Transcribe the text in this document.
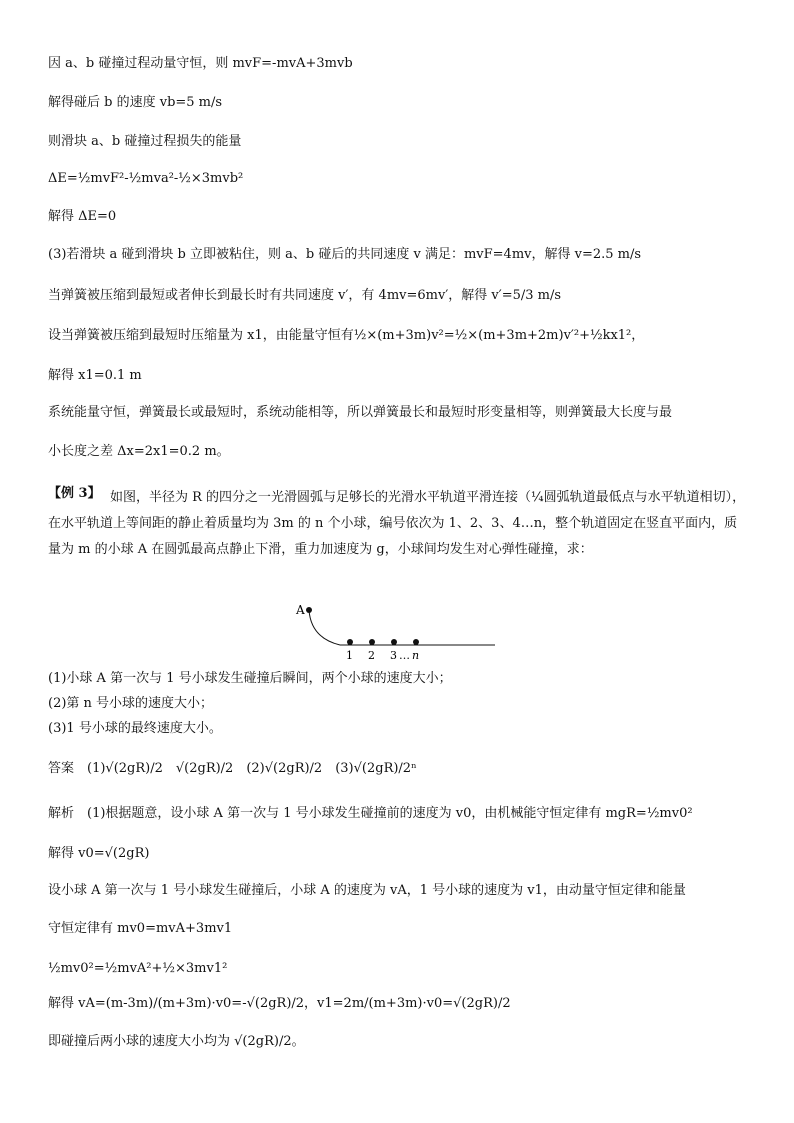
因 a、b 碰撞过程动量守恒，则 mvF=-mvA+3mvb
解得碰后 b 的速度 vb=5 m/s
则滑块 a、b 碰撞过程损失的能量
ΔE=½mvF²-½mva²-½×3mvb²
解得 ΔE=0
(3)若滑块 a 碰到滑块 b 立即被粘住，则 a、b 碰后的共同速度 v 满足：mvF=4mv，解得 v=2.5 m/s
当弹簧被压缩到最短或者伸长到最长时有共同速度 v′，有 4mv=6mv′，解得 v′=5/3 m/s
设当弹簧被压缩到最短时压缩量为 x1，由能量守恒有½×(m+3m)v²=½×(m+3m+2m)v′²+½kx1²，
解得 x1=0.1 m
系统能量守恒，弹簧最长或最短时，系统动能相等，所以弹簧最长和最短时形变量相等，则弹簧最大长度与最
小长度之差 Δx=2x1=0.2 m。
【例 3】 如图，半径为 R 的四分之一光滑圆弧与足够长的光滑水平轨道平滑连接（¼圆弧轨道最低点与水平轨道相切），在水平轨道上等间距的静止着质量均为 3m 的 n 个小球，编号依次为 1、2、3、4…n，整个轨道固定在竖直平面内，质量为 m 的小球 A 在圆弧最高点静止下滑，重力加速度为 g，小球间均发生对心弹性碰撞，求：
A
1 2 3 … n
(1)小球 A 第一次与 1 号小球发生碰撞后瞬间，两个小球的速度大小；
(2)第 n 号小球的速度大小；
(3)1 号小球的最终速度大小。
答案　(1)√(2gR)/2　√(2gR)/2　(2)√(2gR)/2　(3)√(2gR)/2ⁿ
解析　(1)根据题意，设小球 A 第一次与 1 号小球发生碰撞前的速度为 v0，由机械能守恒定律有 mgR=½mv0²
解得 v0=√(2gR)
设小球 A 第一次与 1 号小球发生碰撞后，小球 A 的速度为 vA，1 号小球的速度为 v1，由动量守恒定律和能量
守恒定律有 mv0=mvA+3mv1
½mv0²=½mvA²+½×3mv1²
解得 vA=(m-3m)/(m+3m)·v0=-√(2gR)/2，v1=2m/(m+3m)·v0=√(2gR)/2
即碰撞后两小球的速度大小均为 √(2gR)/2。
